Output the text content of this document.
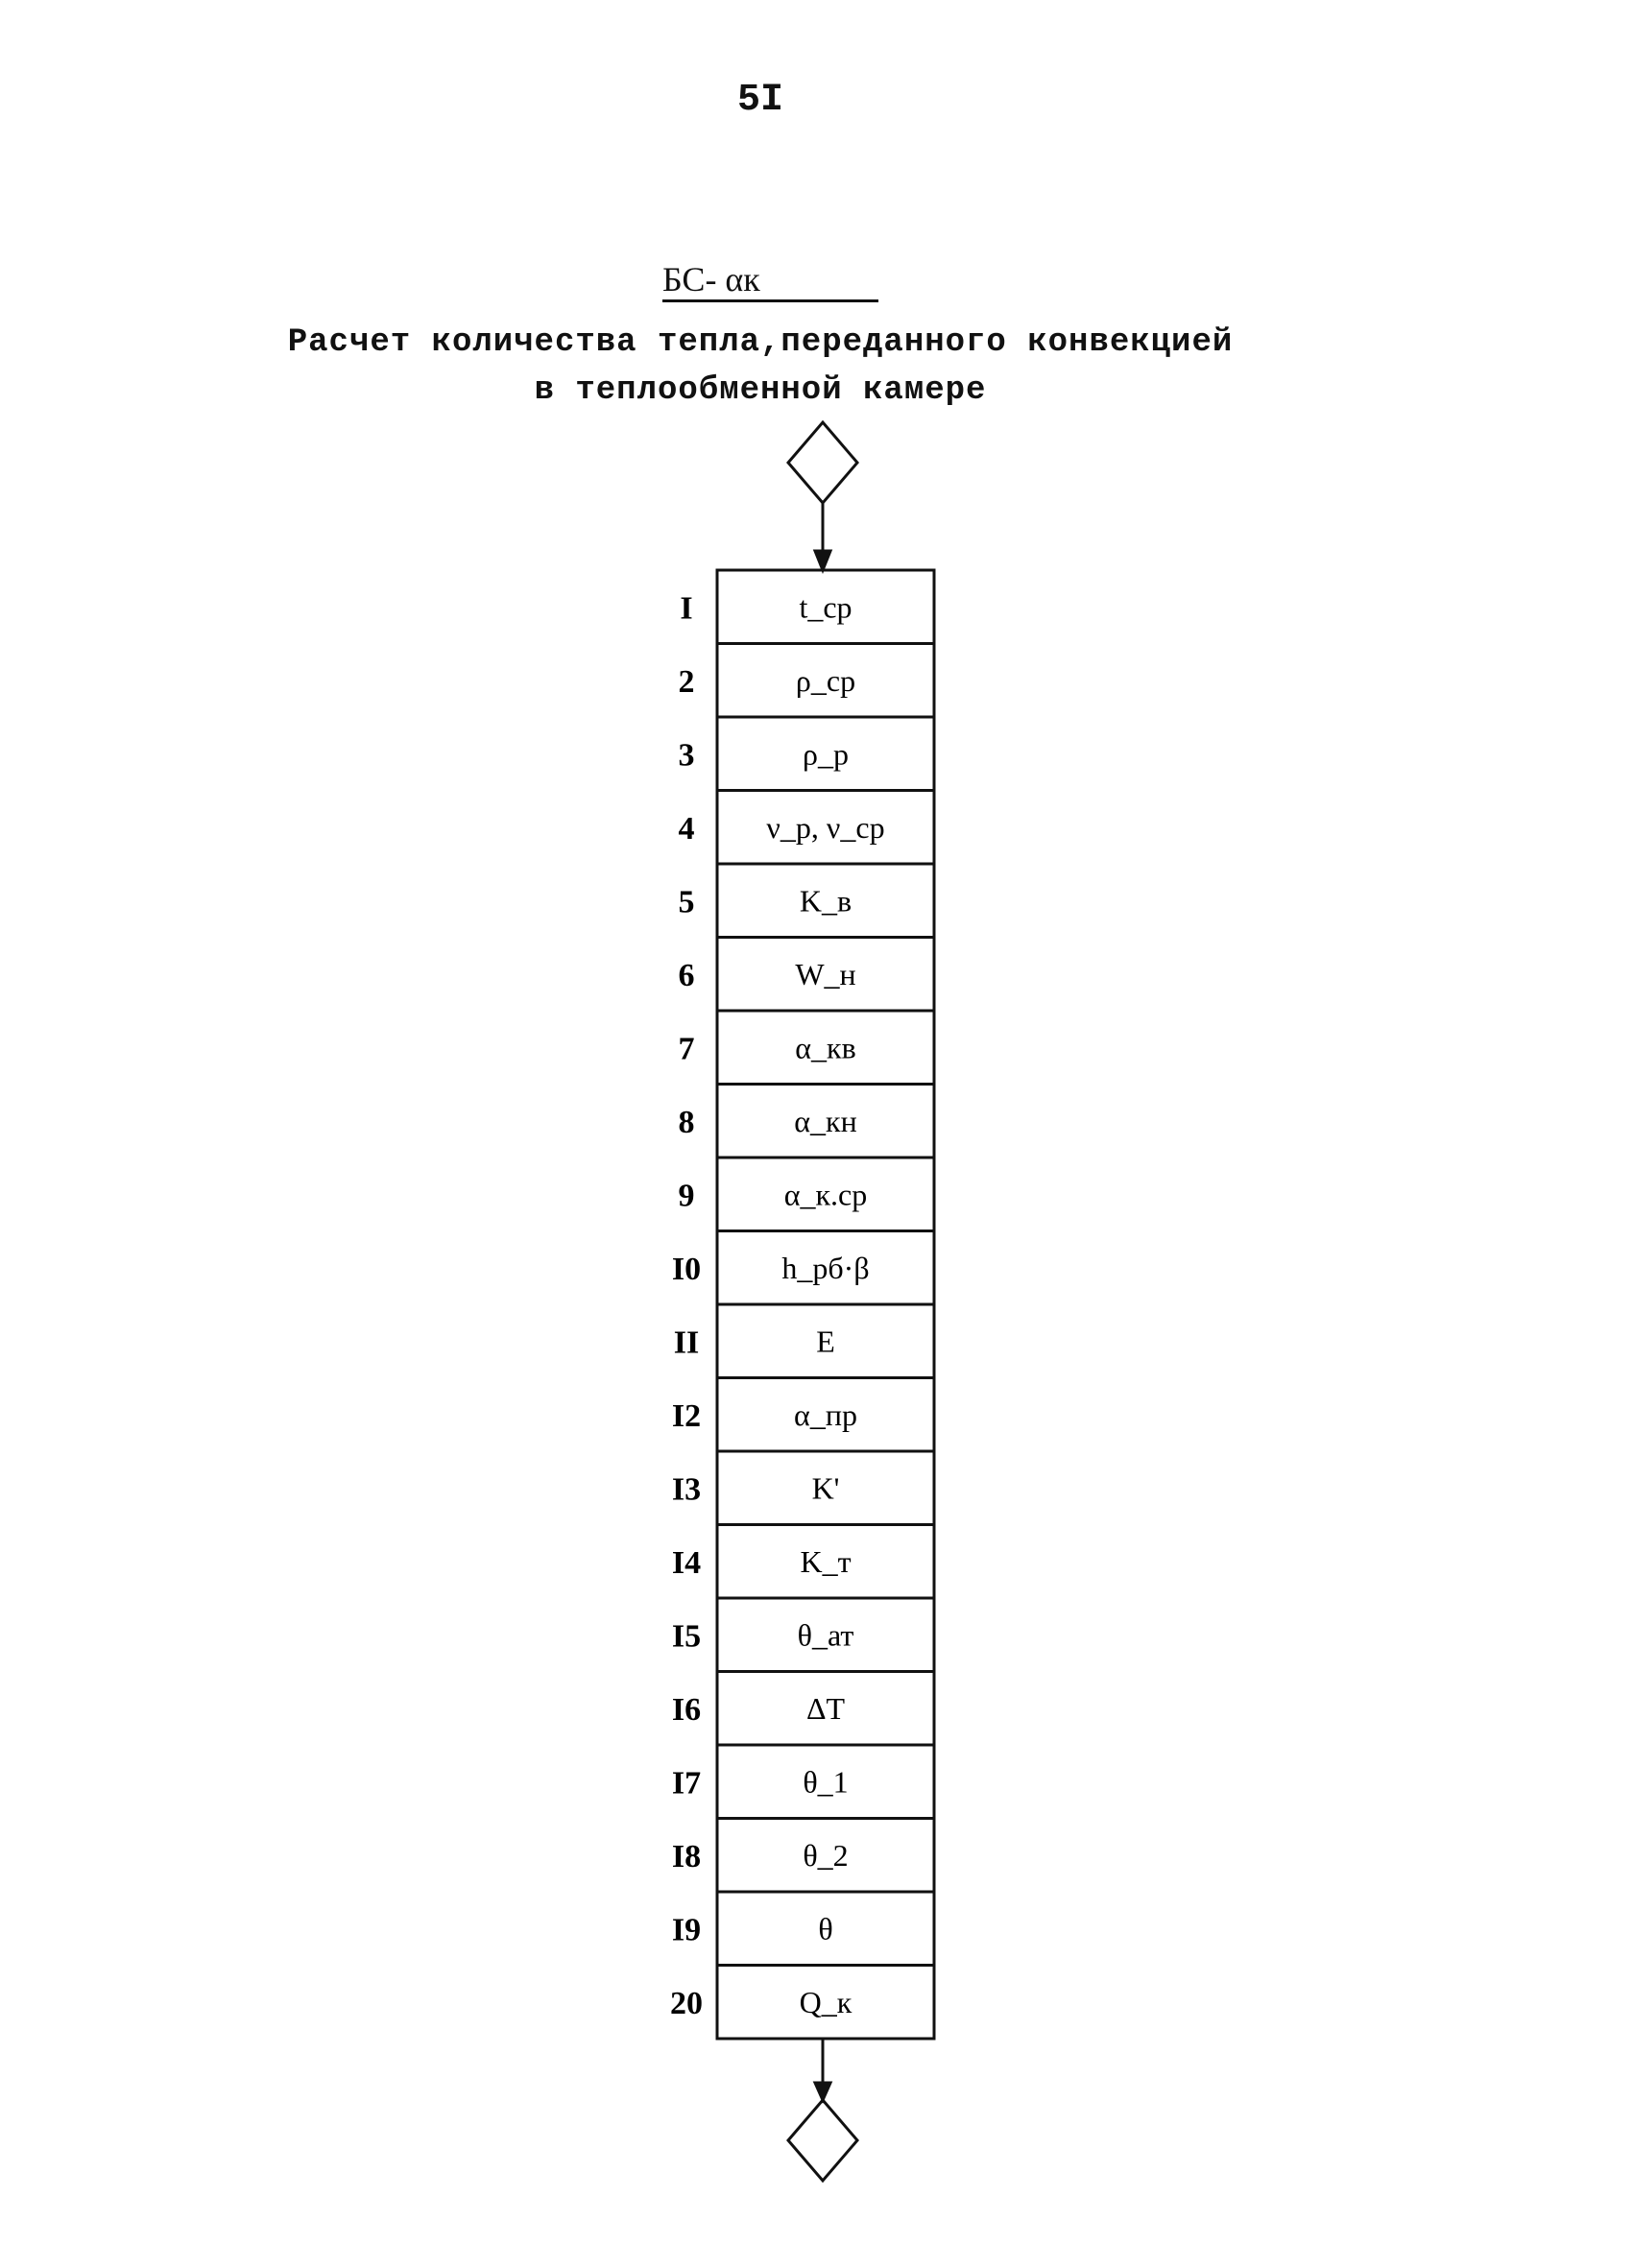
5I
БС- αк
Расчет количества тепла,переданного конвекцией
в теплообменной камере
I	t_ср
2	ρ_ср
3	ρ_р
4 ν_р, ν_ср
5	K_в
6	W_н
7	α_кв
8	α_кн
9	α_к.ср
I0	h_рб·β
II	E
I2	α_пр
I3	K'
I4	K_т
I5	θ_ат
I6	ΔT
I7	θ_1
I8	θ_2
I9	θ
20	Q_к
